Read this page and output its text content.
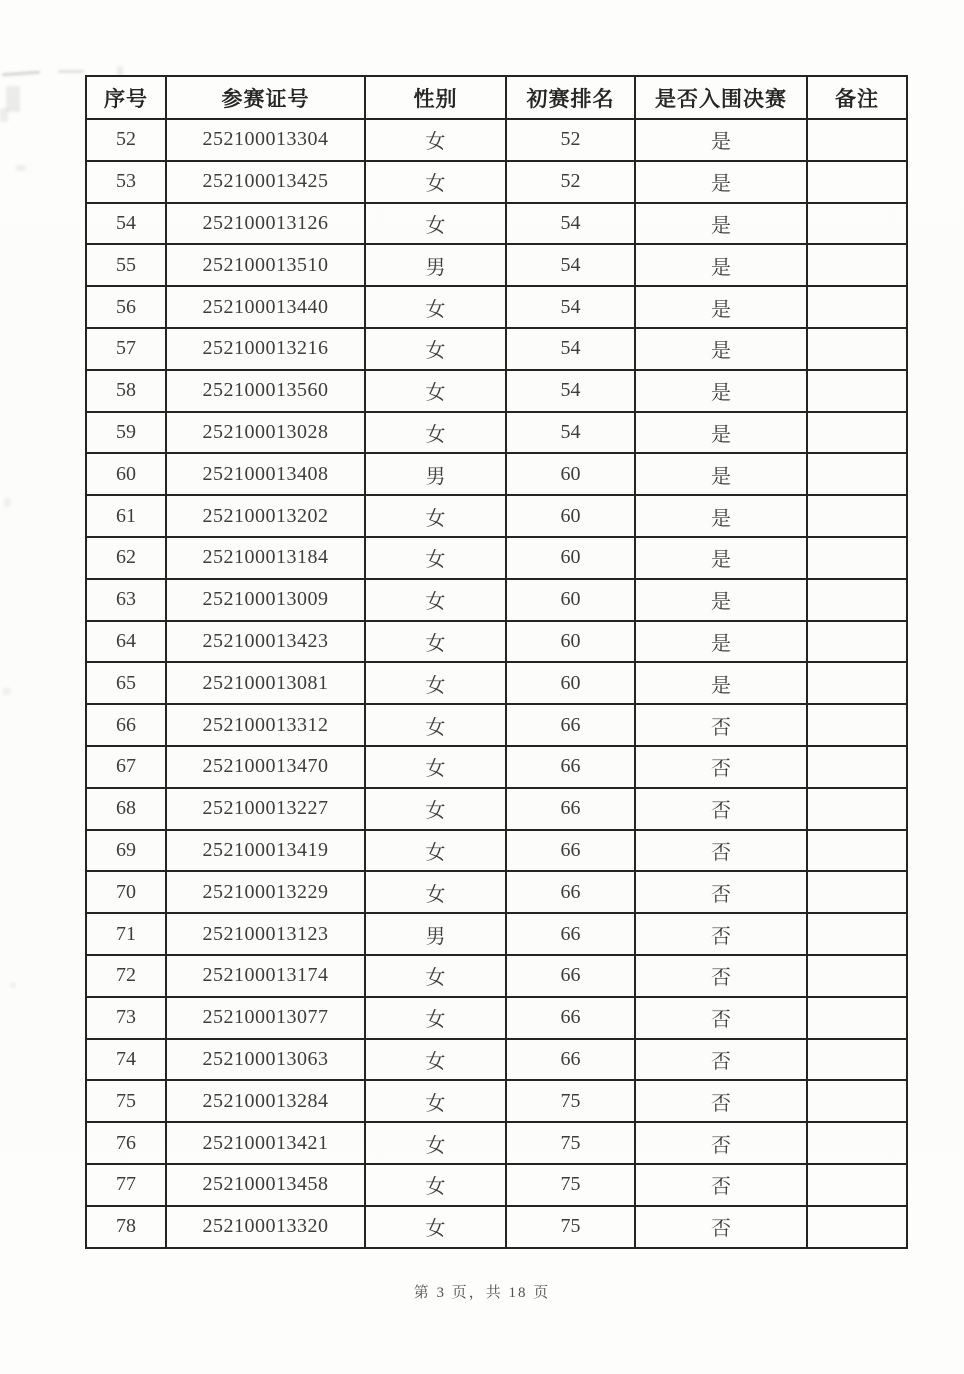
序号	参赛证号	性别	初赛排名	是否入围决赛	备注
52	252100013304	女	52	是	
53	252100013425	女	52	是	
54	252100013126	女	54	是	
55	252100013510	男	54	是	
56	252100013440	女	54	是	
57	252100013216	女	54	是	
58	252100013560	女	54	是	
59	252100013028	女	54	是	
60	252100013408	男	60	是	
61	252100013202	女	60	是	
62	252100013184	女	60	是	
63	252100013009	女	60	是	
64	252100013423	女	60	是	
65	252100013081	女	60	是	
66	252100013312	女	66	否	
67	252100013470	女	66	否	
68	252100013227	女	66	否	
69	252100013419	女	66	否	
70	252100013229	女	66	否	
71	252100013123	男	66	否	
72	252100013174	女	66	否	
73	252100013077	女	66	否	
74	252100013063	女	66	否	
75	252100013284	女	75	否	
76	252100013421	女	75	否	
77	252100013458	女	75	否	
78	252100013320	女	75	否	
第 3 页，共 18 页
